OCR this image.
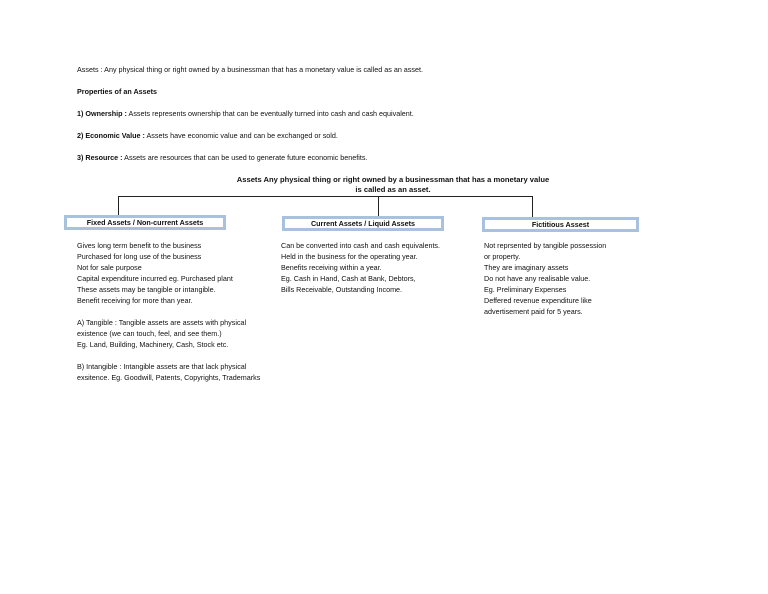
Assets : Any physical thing or right owned by a businessman that has a monetary value is called as an asset.
Properties of an Assets
1) Ownership : Assets represents ownership that can be eventually turned into cash and cash equivalent.
2) Economic Value : Assets have economic value and can be exchanged or sold.
3) Resource : Assets are resources that can be used to generate future economic benefits.
Assets Any physical thing or right owned by a businessman that has a monetary value
is called as an asset.
Fixed Assets / Non-current Assets	Current Assets / Liquid Assets	Fictitious Assest
Gives long term benefit to the business
Purchased for long use of the business
Not for sale purpose
Capital expenditure incurred eg. Purchased plant
These assets may be tangible or intangible.
Benefit receiving for more than year.
A) Tangible : Tangible assets are assets with physical
existence (we can touch, feel, and see them.)
Eg. Land, Building, Machinery, Cash, Stock etc.
B) Intangible : Intangible assets are that lack physical
exsitence. Eg. Goodwill, Patents, Copyrights, Trademarks
Can be converted into cash and cash equivalents.
Held in the business for the operating year.
Benefits receiving within a year.
Eg. Cash in Hand, Cash at Bank, Debtors,
Bills Receivable, Outstanding Income.
Not reprsented by tangible possession
or property.
They are imaginary assets
Do not have any realisable value.
Eg. Preliminary Expenses
Deffered revenue expenditure like
advertisement paid for 5 years.
